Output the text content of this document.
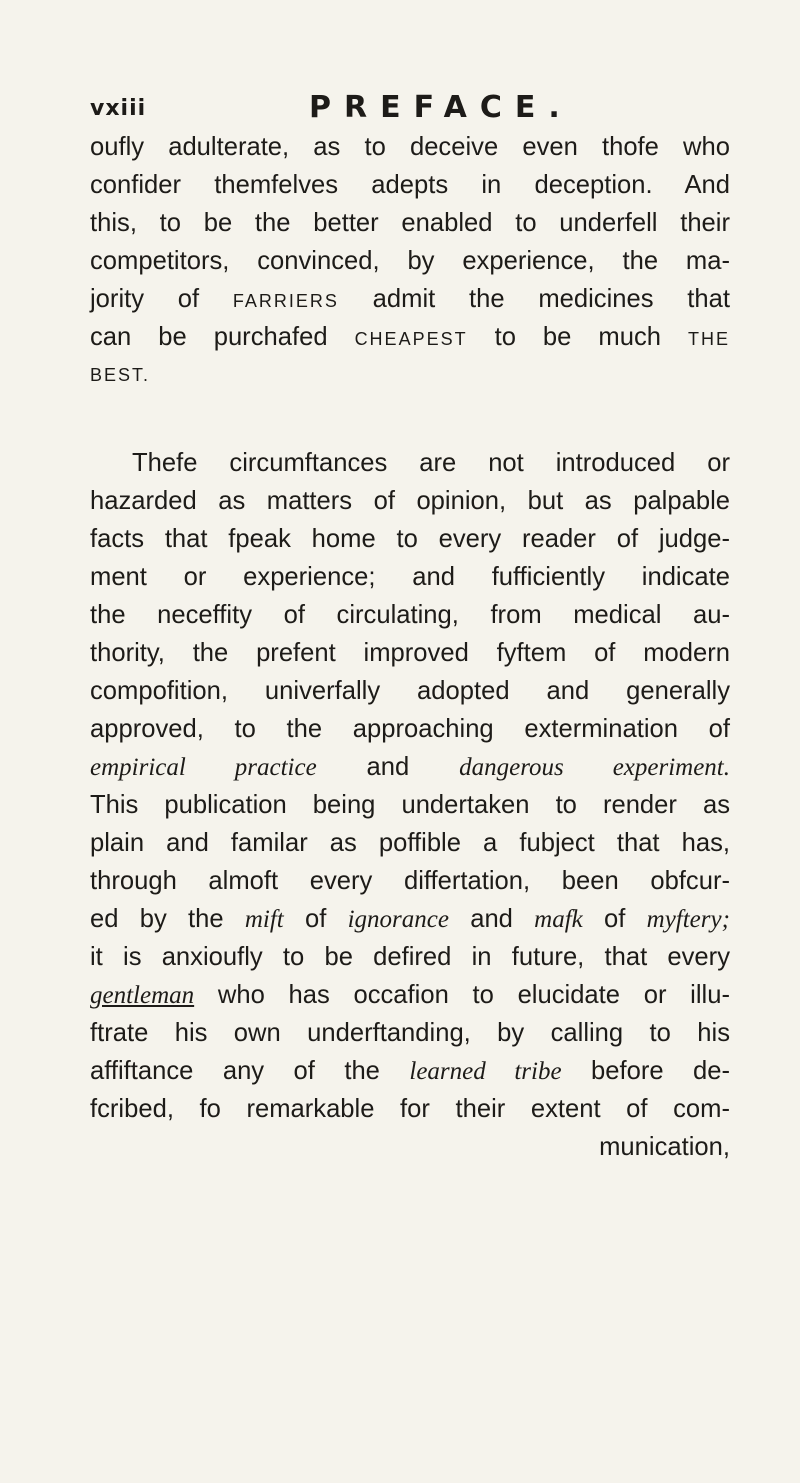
vxiii	PREFACE.
oufly adulterate, as to deceive even thofe who
confider themfelves adepts in deception. And
this, to be the better enabled to underfell their
competitors, convinced, by experience, the ma-
jority of FARRIERS admit the medicines that
can be purchafed CHEAPEST to be much THE
BEST.
Thefe circumftances are not introduced or
hazarded as matters of opinion, but as palpable
facts that fpeak home to every reader of judge-
ment or experience; and fufficiently indicate
the neceffity of circulating, from medical au-
thority, the prefent improved fyftem of modern
compofition, univerfally adopted and generally
approved, to the approaching extermination of
empirical practice and dangerous experiment.
This publication being undertaken to render as
plain and familar as poffible a fubject that has,
through almoft every differtation, been obfcur-
ed by the mift of ignorance and mafk of myftery;
it is anxioufly to be defired in future, that every
gentleman who has occafion to elucidate or illu-
ftrate his own underftanding, by calling to his
affiftance any of the learned tribe before de-
fcribed, fo remarkable for their extent of com-
munication,
